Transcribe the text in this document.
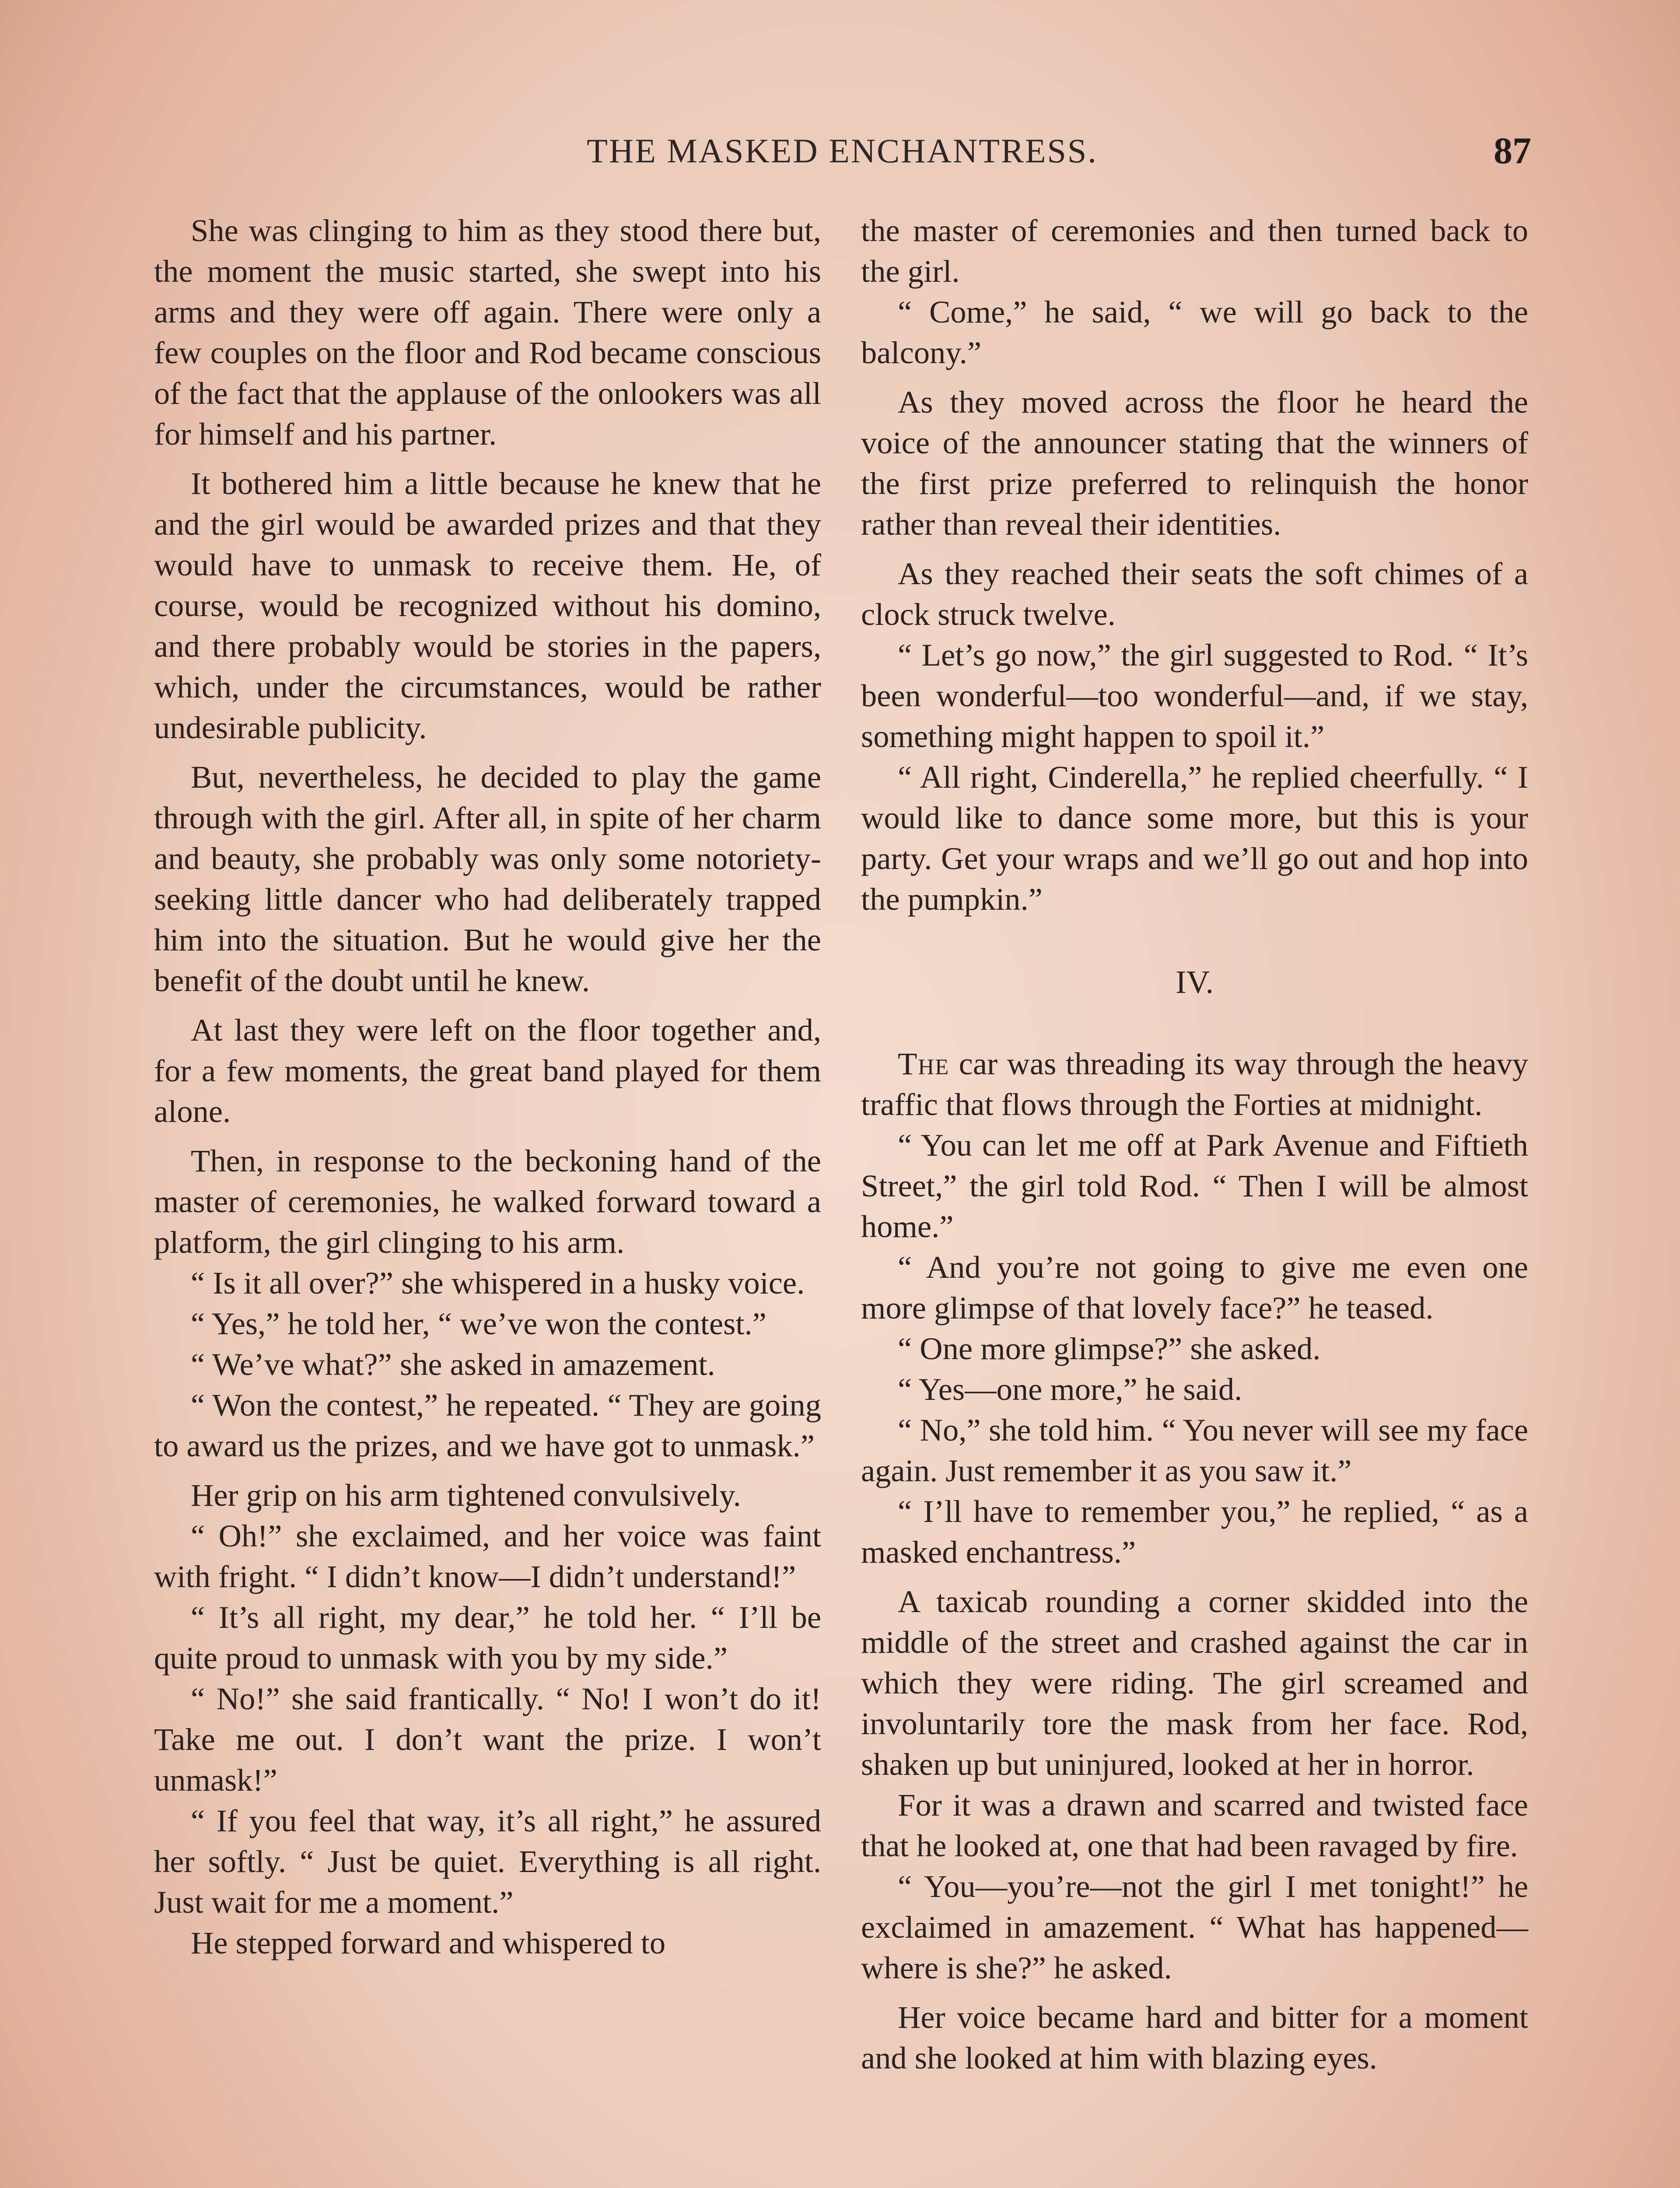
THE MASKED ENCHANTRESS.	87

She was clinging to him as they stood there but, the moment the music started, she swept into his arms and they were off again. There were only a few couples on the floor and Rod became conscious of the fact that the applause of the onlookers was all for himself and his partner.

It bothered him a little because he knew that he and the girl would be awarded prizes and that they would have to unmask to receive them. He, of course, would be recognized without his domino, and there probably would be stories in the papers, which, under the circumstances, would be rather undesirable publicity.

But, nevertheless, he decided to play the game through with the girl. After all, in spite of her charm and beauty, she probably was only some notoriety-seeking little dancer who had deliberately trapped him into the situation. But he would give her the benefit of the doubt until he knew.

At last they were left on the floor together and, for a few moments, the great band played for them alone.

Then, in response to the beckoning hand of the master of ceremonies, he walked forward toward a platform, the girl clinging to his arm.

“ Is it all over?” she whispered in a husky voice.

“ Yes,” he told her, “ we’ve won the contest.”

“ We’ve what?” she asked in amazement.

“ Won the contest,” he repeated. “ They are going to award us the prizes, and we have got to unmask.”

Her grip on his arm tightened convulsively.

“ Oh!” she exclaimed, and her voice was faint with fright. “ I didn’t know—I didn’t understand!”

“ It’s all right, my dear,” he told her. “ I’ll be quite proud to unmask with you by my side.”

“ No!” she said frantically. “ No! I won’t do it! Take me out. I don’t want the prize. I won’t unmask!”

“ If you feel that way, it’s all right,” he assured her softly. “ Just be quiet. Everything is all right. Just wait for me a moment.”

He stepped forward and whispered to

the master of ceremonies and then turned back to the girl.

“ Come,” he said, “ we will go back to the balcony.”

As they moved across the floor he heard the voice of the announcer stating that the winners of the first prize preferred to relinquish the honor rather than reveal their identities.

As they reached their seats the soft chimes of a clock struck twelve.

“ Let’s go now,” the girl suggested to Rod. “ It’s been wonderful—too wonderful—and, if we stay, something might happen to spoil it.”

“ All right, Cinderella,” he replied cheerfully. “ I would like to dance some more, but this is your party. Get your wraps and we’ll go out and hop into the pumpkin.”

IV.

The car was threading its way through the heavy traffic that flows through the Forties at midnight.

“ You can let me off at Park Avenue and Fiftieth Street,” the girl told Rod. “ Then I will be almost home.”

“ And you’re not going to give me even one more glimpse of that lovely face?” he teased.

“ One more glimpse?” she asked.

“ Yes—one more,” he said.

“ No,” she told him. “ You never will see my face again. Just remember it as you saw it.”

“ I’ll have to remember you,” he replied, “ as a masked enchantress.”

A taxicab rounding a corner skidded into the middle of the street and crashed against the car in which they were riding. The girl screamed and involuntarily tore the mask from her face. Rod, shaken up but uninjured, looked at her in horror.

For it was a drawn and scarred and twisted face that he looked at, one that had been ravaged by fire.

“ You—you’re—not the girl I met tonight!” he exclaimed in amazement. “ What has happened—where is she?” he asked.

Her voice became hard and bitter for a moment and she looked at him with blazing eyes.
